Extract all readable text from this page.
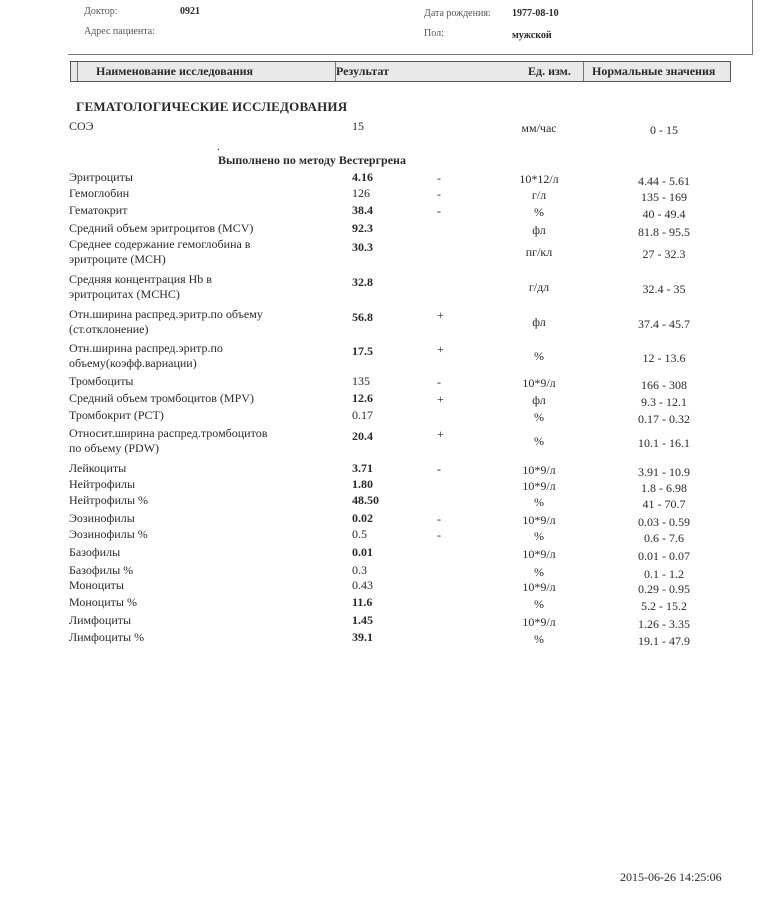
Доктор:	0921
Адрес пациента:
Дата рождения: 1977-08-10
Пол:	мужской
Наименование исследования	Результат	Ед. изм. Нормальные значения
ГЕМАТОЛОГИЧЕСКИЕ ИССЛЕДОВАНИЯ
.
Выполнено по методу Вестергрена
СОЭ	15	мм/час	0 - 15
Эритроциты	4.16	-	10*12/л	4.44 - 5.61
Гемоглобин	126	-	г/л	135 - 169
Гематокрит	38.4	-	%	40 - 49.4
Средний объем эритроцитов (MCV)	92.3	фл	81.8 - 95.5
Среднее содержание гемоглобина в
эритроците (MCH)
30.3	пг/кл	27 - 32.3
Средняя концентрация Hb в
эритроцитах (MCHC)
32.8	г/дл	32.4 - 35
Отн.ширина распред.эритр.по объему
(ст.отклонение)
56.8	+	фл	37.4 - 45.7
Отн.ширина распред.эритр.по
объему(коэфф.вариации)
17.5	+	%	12 - 13.6
Тромбоциты	135	-	10*9/л	166 - 308
Средний объем тромбоцитов (MPV)	12.6	+	фл	9.3 - 12.1
Тромбокрит (PCT)	0.17	%	0.17 - 0.32
Относит.ширина распред.тромбоцитов
по объему (PDW)
20.4	+	%	10.1 - 16.1
Лейкоциты	3.71	-	10*9/л	3.91 - 10.9
Нейтрофилы	1.80	10*9/л	1.8 - 6.98
Нейтрофилы %	48.50	%	41 - 70.7
Эозинофилы	0.02	-	10*9/л	0.03 - 0.59
Эозинофилы %	0.5	-	%	0.6 - 7.6
Базофилы	0.01	10*9/л	0.01 - 0.07
Базофилы %	0.3	%	0.1 - 1.2
Моноциты	0.43	10*9/л	0.29 - 0.95
Моноциты %	11.6	%	5.2 - 15.2
Лимфоциты	1.45	10*9/л	1.26 - 3.35
Лимфоциты %	39.1	%	19.1 - 47.9
2015-06-26 14:25:06
